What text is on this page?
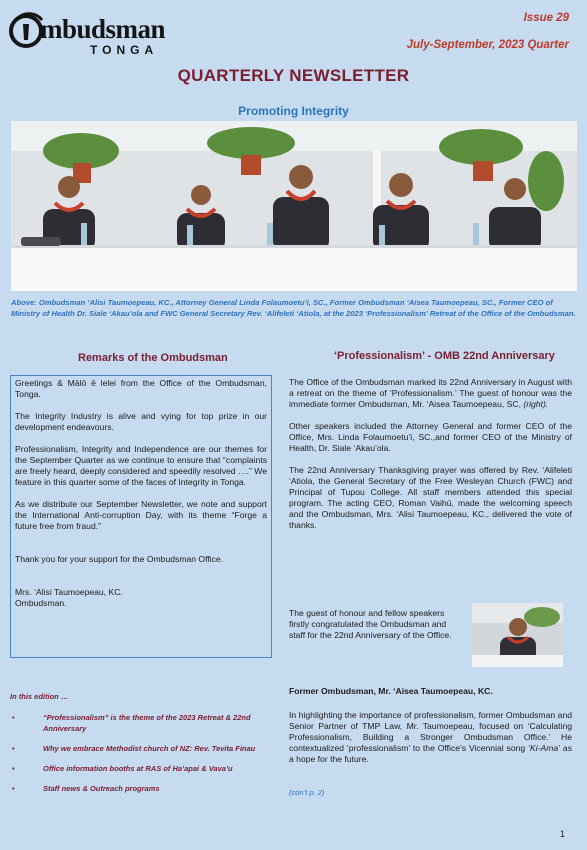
mbudsman
TONGA
Issue 29
July-September, 2023 Quarter
QUARTERLY NEWSLETTER
Promoting Integrity
Above: Ombudsman ‘Alisi Taumoepeau, KC., Attorney General Linda Folaumoetu’i, SC., Former Ombudsman ‘Aisea Taumoepeau, SC., Former CEO of Ministry of Health Dr. Siale ‘Akau’ola and FWC General Secretary Rev. ‘Alifeleti ‘Atiola, at the 2023 ‘Professionalism’ Retreat of the Office of the Ombudsman.
Remarks of the Ombudsman

Greetings & Mālō ē lelei from the Office of the Ombudsman, Tonga.

The Integrity Industry is alive and vying for top prize in our development endeavours.

Professionalism, Integrity and Independence are our themes for the September Quarter as we continue to ensure that “complaints are freely heard, deeply considered and speedily resolved ….” We feature in this quarter some of the faces of Integrity in Tonga.

As we distribute our September Newsletter, we note and support the International Anti-corruption Day, with its theme “Forge a future free from fraud.”

Thank you for your support for the Ombudsman Office.

Mrs. ‘Alisi Taumoepeau, KC.
Ombudsman.
‘Professionalism’ - OMB 22nd Anniversary

The Office of the Ombudsman marked its 22nd Anniversary in August with a retreat on the theme of ‘Professionalism.’ The guest of honour was the immediate former Ombudsman, Mr. ‘Aisea Taumoepeau, SC, (right).

Other speakers included the Attorney General and former CEO of the Office, Mrs. Linda Folaumoetu’i, SC.,and former CEO of the Ministry of Health, Dr. Siale ‘Akau’ola.

The 22nd Anniversary Thanksgiving prayer was offered by Rev. ‘Alifeleti ‘Atiola, the General Secretary of the Free Wesleyan Church (FWC) and Principal of Tupou College. All staff members attended this special program. The acting CEO, Roman Vaihū, made the welcoming speech and the Ombudsman, Mrs. ‘Alisi Taumoepeau, KC., delivered the vote of thanks.

The guest of honour and fellow speakers firstly congratulated the Ombudsman and staff for the 22nd Anniversary of the Office.
Former Ombudsman, Mr. ‘Aisea Taumoepeau, KC.
In highlighting the importance of professionalism, former Ombudsman and Senior Partner of TMP Law, Mr. Taumoepeau, focused on ‘Calculating Professionalism, Building a Stronger Ombudsman Office.’ He contextualized ‘professionalism’ to the Office’s Vicennial song ‘Ki-Ama’ as a hope for the future.
(con’t p. 2)
In this edition …
•	“Professionalism” is the theme of the 2023 Retreat & 22nd Anniversary
•	Why we embrace Methodist church of NZ: Rev. Tevita Finau
•	Office information booths at RAS of Ha’apai & Vava’u
•	Staff news & Outreach programs
1
